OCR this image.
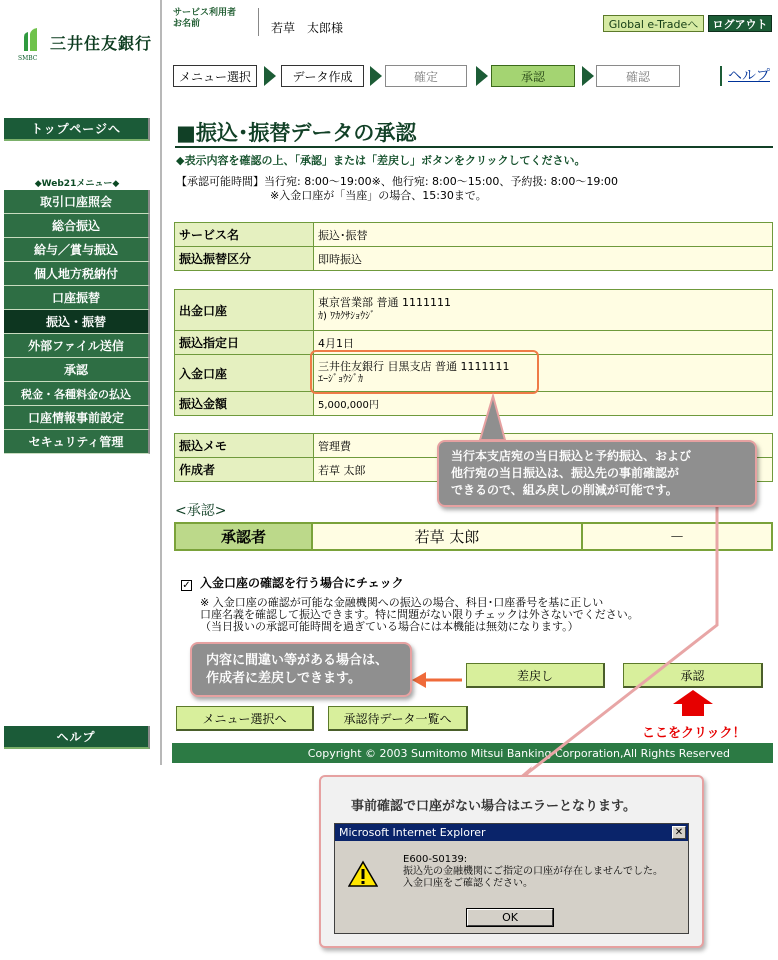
三井住友銀行
SMBC
トップページへ
◆Web21メニュー◆
取引口座照会
総合振込
給与／賞与振込
個人地方税納付
口座振替
振込・振替
外部ファイル送信
承認
税金・各種料金の払込
口座情報事前設定
セキュリティ管理
ヘルプ
サービス利用者
お名前	若草　太郎様	Global e-Tradeへ	ログアウト
メニュー選択	データ作成	確定	承認	確認	ヘルプ
■振込･振替データの承認
◆表示内容を確認の上、「承認」または「差戻し」ボタンをクリックしてください。
【承認可能時間】当行宛: 8:00～19:00※、他行宛: 8:00～15:00、予約扱: 8:00～19:00
※入金口座が「当座」の場合、15:30まで。
サービス名	振込･振替
振込振替区分	即時振込
出金口座	東京営業部 普通 1111111
ｶ) ﾜｶｸｻｼｮｳｼﾞ

振込指定日	4月1日
入金口座	三井住友銀行 目黒支店 普通 1111111
ｴｰｼﾞｮｳｼﾞｶ

振込金額	5,000,000円
振込メモ	管理費
作成者	若草 太郎
<承認>
承認者	若草 太郎	－
✓ 入金口座の確認を行う場合にチェック
※ 入金口座の確認が可能な金融機関への振込の場合、科目･口座番号を基に正しい
口座名義を確認して振込できます。特に問題がない限りチェックは外さないでください。
（当日扱いの承認可能時間を過ぎている場合には本機能は無効になります。）
差戻し	承認
メニュー選択へ	承認待データ一覧へ
Copyright © 2003 Sumitomo Mitsui Banking Corporation,All Rights Reserved
当行本支店宛の当日振込と予約振込、および
他行宛の当日振込は、振込先の事前確認が
できるので、組み戻しの削減が可能です。
内容に間違い等がある場合は、
作成者に差戻しできます。
ここをクリック！
事前確認で口座がない場合はエラーとなります。
Microsoft Internet Explorer	✕
E600-S0139:
振込先の金融機関にご指定の口座が存在しませんでした。
入金口座をご確認ください。
OK
